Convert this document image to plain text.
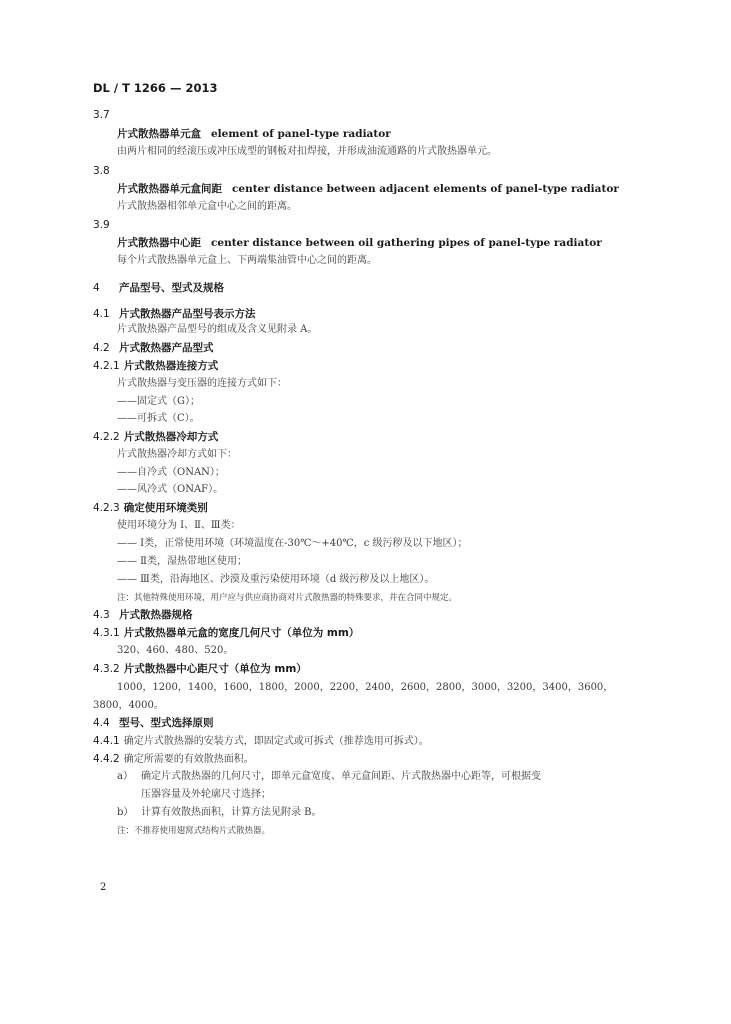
DL / T 1266 — 2013
3.7
片式散热器单元盒 element of panel-type radiator
由两片相同的经滚压或冲压成型的钢板对扣焊接，并形成油流通路的片式散热器单元。
3.8
片式散热器单元盒间距 center distance between adjacent elements of panel-type radiator
片式散热器相邻单元盒中心之间的距离。
3.9
片式散热器中心距 center distance between oil gathering pipes of panel-type radiator
每个片式散热器单元盒上、下两端集油管中心之间的距离。
4 产品型号、型式及规格
4.1 片式散热器产品型号表示方法
片式散热器产品型号的组成及含义见附录 A。
4.2 片式散热器产品型式
4.2.1 片式散热器连接方式
片式散热器与变压器的连接方式如下：
——固定式（G）；
——可拆式（C）。
4.2.2 片式散热器冷却方式
片式散热器冷却方式如下：
——自冷式（ONAN）；
——风冷式（ONAF）。
4.2.3 确定使用环境类别
使用环境分为 Ⅰ、Ⅱ、Ⅲ类：
—— Ⅰ类，正常使用环境（环境温度在-30℃～+40℃，c 级污秽及以下地区）；
—— Ⅱ类，湿热带地区使用；
—— Ⅲ类，沿海地区、沙漠及重污染使用环境（d 级污秽及以上地区）。
注：其他特殊使用环境，用户应与供应商协商对片式散热器的特殊要求，并在合同中规定。
4.3 片式散热器规格
4.3.1 片式散热器单元盒的宽度几何尺寸（单位为 mm）
320、460、480、520。
4.3.2 片式散热器中心距尺寸（单位为 mm）
1000，1200，1400，1600，1800，2000，2200，2400，2600，2800，3000，3200，3400，3600，
3800，4000。
4.4 型号、型式选择原则
4.4.1 确定片式散热器的安装方式，即固定式或可拆式（推荐选用可拆式）。
4.4.2 确定所需要的有效散热面积。
a） 确定片式散热器的几何尺寸，即单元盒宽度、单元盒间距、片式散热器中心距等，可根据变
压器容量及外轮廓尺寸选择；
b） 计算有效散热面积，计算方法见附录 B。
注：不推荐使用翅窝式结构片式散热器。
2
